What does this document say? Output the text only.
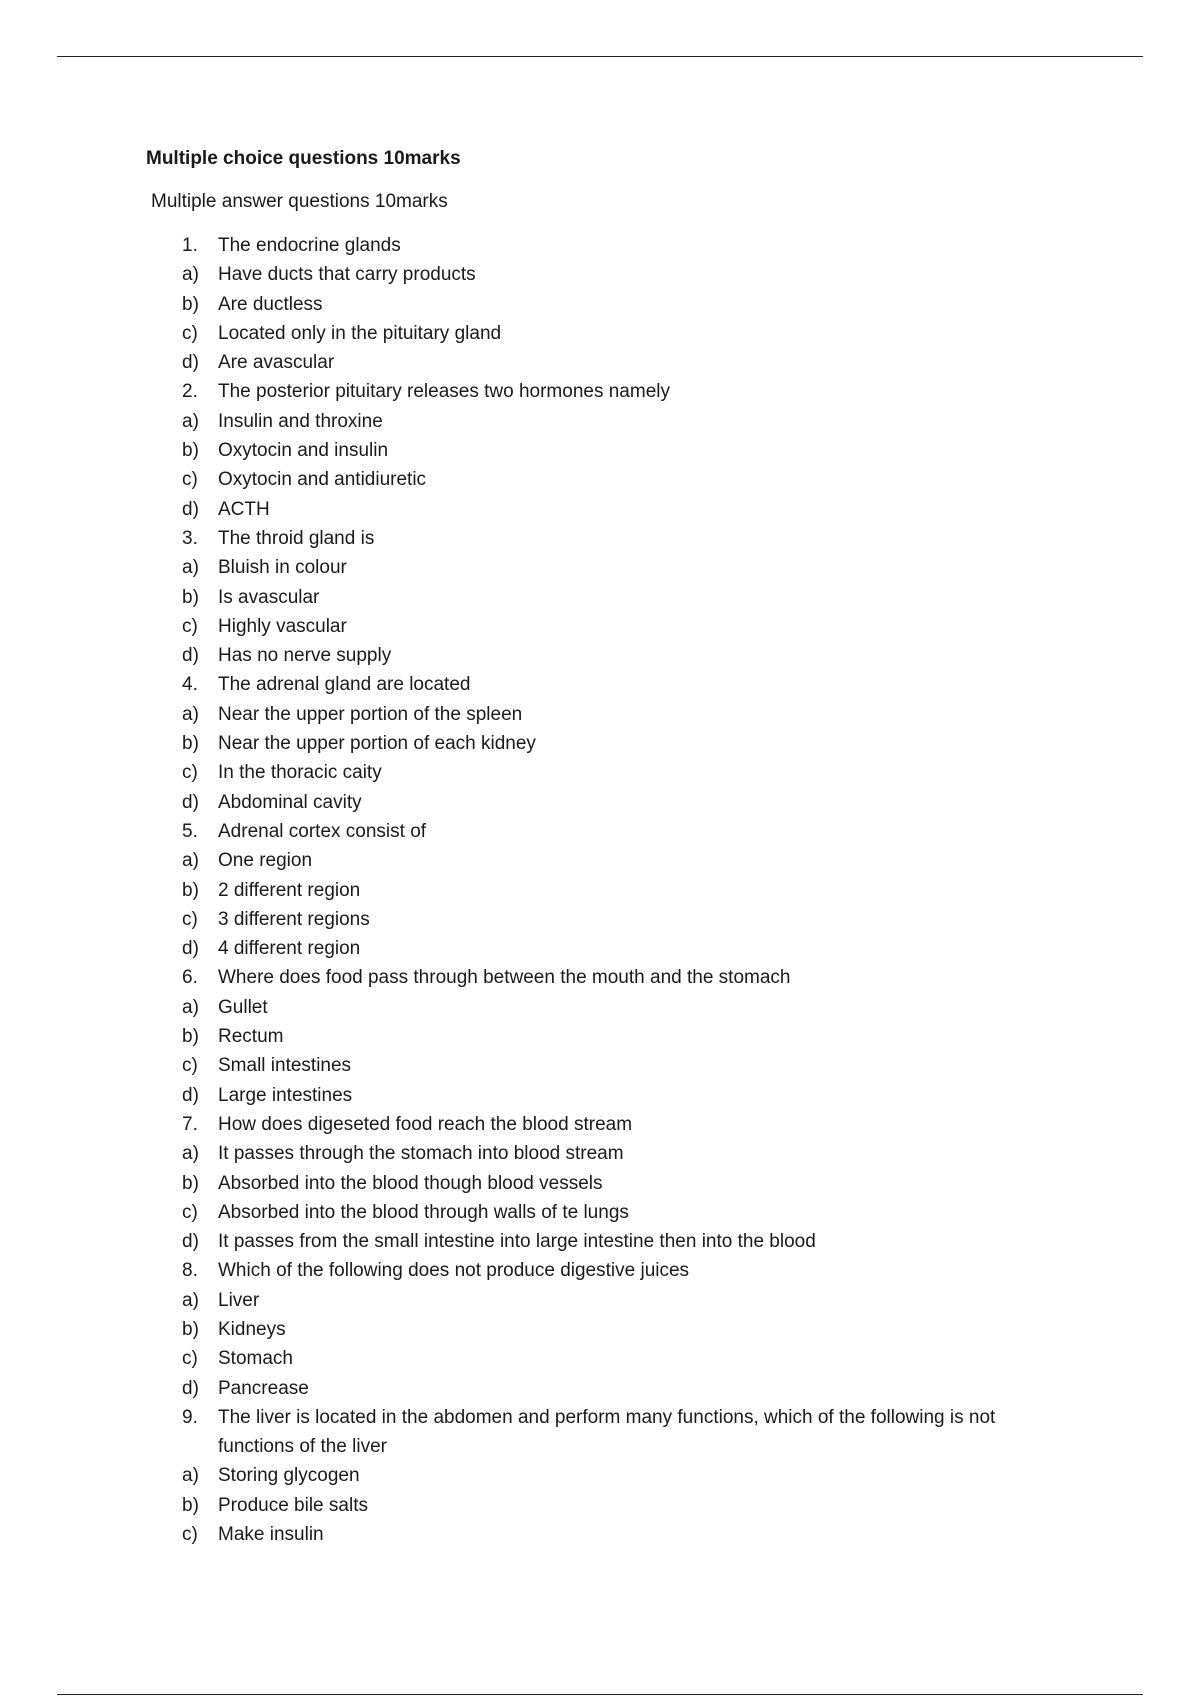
Multiple choice questions 10marks
Multiple answer questions 10marks
1.	The endocrine glands
a)	Have ducts that carry products
b)	Are ductless
c)	Located only in the pituitary gland
d)	Are avascular
2.	The posterior pituitary releases two hormones namely
a)	Insulin and throxine
b)	Oxytocin and insulin
c)	Oxytocin and antidiuretic
d)	ACTH
3.	The throid gland is
a)	Bluish in colour
b)	Is avascular
c)	Highly vascular
d)	Has no nerve supply
4.	The adrenal gland are located
a)	Near the upper portion of the spleen
b)	Near the upper portion of each kidney
c)	In the thoracic caity
d)	Abdominal cavity
5.	Adrenal cortex consist of
a)	One region
b)	2 different region
c)	3 different regions
d)	4 different region
6.	Where does food pass through between the mouth and the stomach
a)	Gullet
b)	Rectum
c)	Small intestines
d)	Large intestines
7.	How does digeseted food reach the blood stream
a)	It passes through the stomach into blood stream
b)	Absorbed into the blood though blood vessels
c)	Absorbed into the blood through walls of te lungs
d)	It passes from the small intestine into large intestine then into the blood
8.	Which of the following does not produce digestive juices
a)	Liver
b)	Kidneys
c)	Stomach
d)	Pancrease
9.	The liver is located in the abdomen and perform many functions, which of the following is not functions of the liver
a)	Storing glycogen
b)	Produce bile salts
c)	Make insulin
